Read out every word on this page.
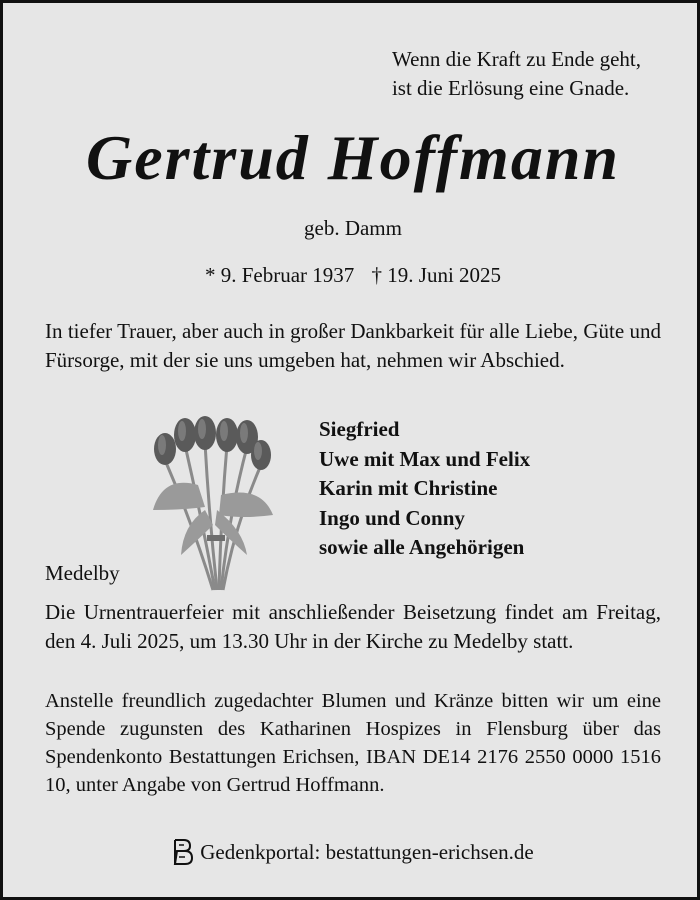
Wenn die Kraft zu Ende geht,
ist die Erlösung eine Gnade.
Gertrud Hoffmann
geb. Damm
* 9. Februar 1937 † 19. Juni 2025
In tiefer Trauer, aber auch in großer Dankbarkeit für alle Liebe, Güte und Fürsorge, mit der sie uns umgeben hat, nehmen wir Abschied.
Siegfried
Uwe mit Max und Felix
Karin mit Christine
Ingo und Conny
sowie alle Angehörigen
Medelby
Die Urnentrauerfeier mit anschließender Beisetzung findet am Freitag, den 4. Juli 2025, um 13.30 Uhr in der Kirche zu Medelby statt.
Anstelle freundlich zugedachter Blumen und Kränze bitten wir um eine Spende zugunsten des Katharinen Hospizes in Flensburg über das Spendenkonto Bestattungen Erichsen, IBAN DE14 2176 2550 0000 1516 10, unter Angabe von Gertrud Hoffmann.
Gedenkportal: bestattungen-erichsen.de
